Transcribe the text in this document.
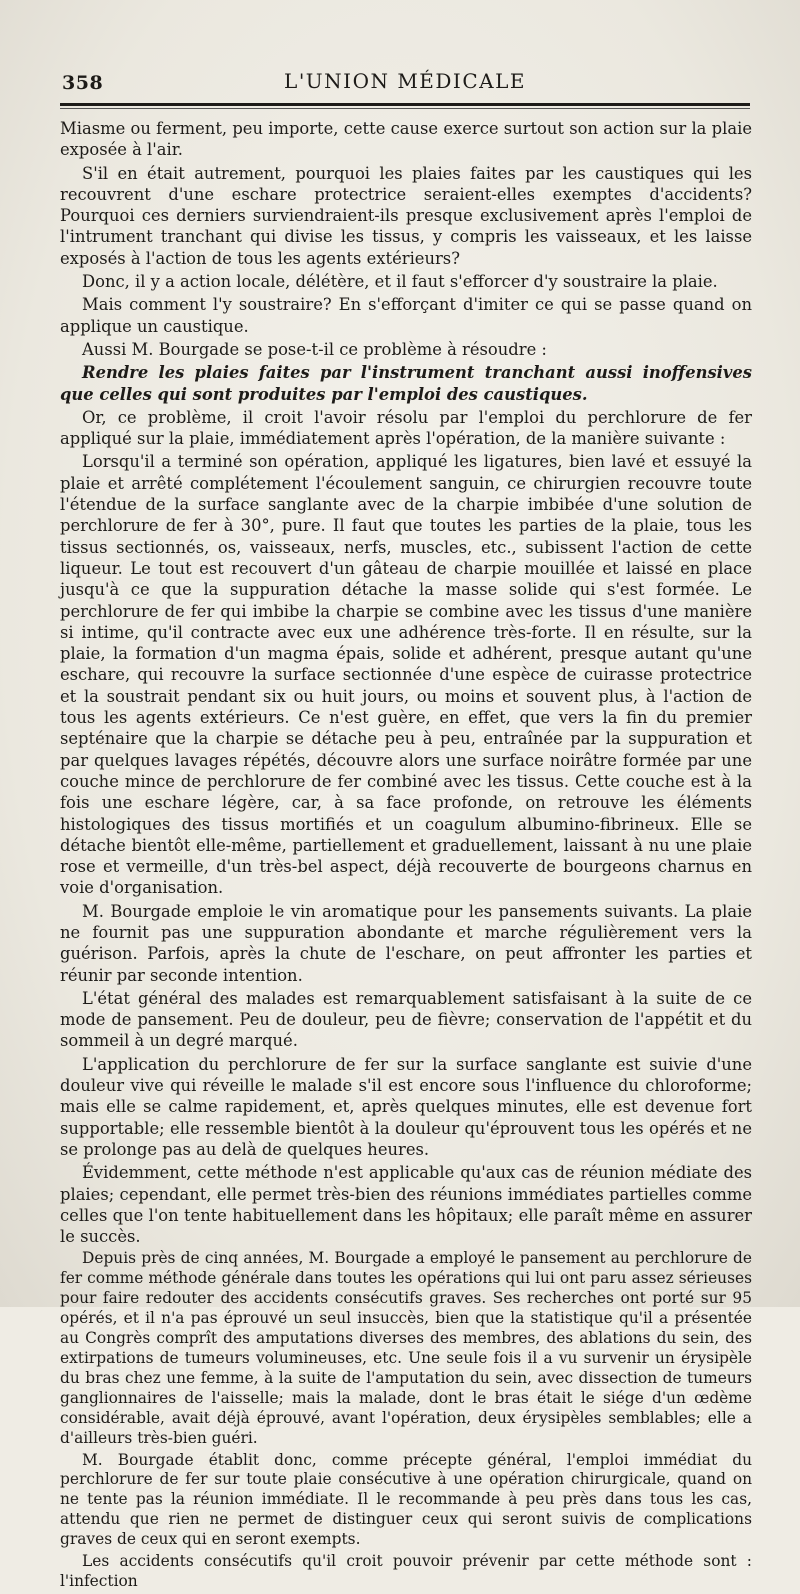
358	L'UNION MÉDICALE

Miasme ou ferment, peu importe, cette cause exerce surtout son action sur la plaie exposée à l'air.

S'il en était autrement, pourquoi les plaies faites par les caustiques qui les recouvrent d'une eschare protectrice seraient-elles exemptes d'accidents? Pourquoi ces derniers surviendraient-ils presque exclusivement après l'emploi de l'intrument tranchant qui divise les tissus, y compris les vaisseaux, et les laisse exposés à l'action de tous les agents extérieurs?

Donc, il y a action locale, délétère, et il faut s'efforcer d'y soustraire la plaie.

Mais comment l'y soustraire? En s'efforçant d'imiter ce qui se passe quand on applique un caustique.

Aussi M. Bourgade se pose-t-il ce problème à résoudre :

Rendre les plaies faites par l'instrument tranchant aussi inoffensives que celles qui sont produites par l'emploi des caustiques.

Or, ce problème, il croit l'avoir résolu par l'emploi du perchlorure de fer appliqué sur la plaie, immédiatement après l'opération, de la manière suivante :

Lorsqu'il a terminé son opération, appliqué les ligatures, bien lavé et essuyé la plaie et arrêté complétement l'écoulement sanguin, ce chirurgien recouvre toute l'étendue de la surface sanglante avec de la charpie imbibée d'une solution de perchlorure de fer à 30°, pure. Il faut que toutes les parties de la plaie, tous les tissus sectionnés, os, vaisseaux, nerfs, muscles, etc., subissent l'action de cette liqueur. Le tout est recouvert d'un gâteau de charpie mouillée et laissé en place jusqu'à ce que la suppuration détache la masse solide qui s'est formée. Le perchlorure de fer qui imbibe la charpie se combine avec les tissus d'une manière si intime, qu'il contracte avec eux une adhérence très-forte. Il en résulte, sur la plaie, la formation d'un magma épais, solide et adhérent, presque autant qu'une eschare, qui recouvre la surface sectionnée d'une espèce de cuirasse protectrice et la soustrait pendant six ou huit jours, ou moins et souvent plus, à l'action de tous les agents extérieurs. Ce n'est guère, en effet, que vers la fin du premier septénaire que la charpie se détache peu à peu, entraînée par la suppuration et par quelques lavages répétés, découvre alors une surface noirâtre formée par une couche mince de perchlorure de fer combiné avec les tissus. Cette couche est à la fois une eschare légère, car, à sa face profonde, on retrouve les éléments histologiques des tissus mortifiés et un coagulum albumino-fibrineux. Elle se détache bientôt elle-même, partiellement et graduellement, laissant à nu une plaie rose et vermeille, d'un très-bel aspect, déjà recouverte de bourgeons charnus en voie d'organisation.

M. Bourgade emploie le vin aromatique pour les pansements suivants. La plaie ne fournit pas une suppuration abondante et marche régulièrement vers la guérison. Parfois, après la chute de l'eschare, on peut affronter les parties et réunir par seconde intention.

L'état général des malades est remarquablement satisfaisant à la suite de ce mode de pansement. Peu de douleur, peu de fièvre; conservation de l'appétit et du sommeil à un degré marqué.

L'application du perchlorure de fer sur la surface sanglante est suivie d'une douleur vive qui réveille le malade s'il est encore sous l'influence du chloroforme; mais elle se calme rapidement, et, après quelques minutes, elle est devenue fort supportable; elle ressemble bientôt à la douleur qu'éprouvent tous les opérés et ne se prolonge pas au delà de quelques heures.

Évidemment, cette méthode n'est applicable qu'aux cas de réunion médiate des plaies; cependant, elle permet très-bien des réunions immédiates partielles comme celles que l'on tente habituellement dans les hôpitaux; elle paraît même en assurer le succès.

Depuis près de cinq années, M. Bourgade a employé le pansement au perchlorure de fer comme méthode générale dans toutes les opérations qui lui ont paru assez sérieuses pour faire redouter des accidents consécutifs graves. Ses recherches ont porté sur 95 opérés, et il n'a pas éprouvé un seul insuccès, bien que la statistique qu'il a présentée au Congrès comprît des amputations diverses des membres, des ablations du sein, des extirpations de tumeurs volumineuses, etc. Une seule fois il a vu survenir un érysipèle du bras chez une femme, à la suite de l'amputation du sein, avec dissection de tumeurs ganglionnaires de l'aisselle; mais la malade, dont le bras était le siége d'un œdème considérable, avait déjà éprouvé, avant l'opération, deux érysipèles semblables; elle a d'ailleurs très-bien guéri.

M. Bourgade établit donc, comme précepte général, l'emploi immédiat du perchlorure de fer sur toute plaie consécutive à une opération chirurgicale, quand on ne tente pas la réunion immédiate. Il le recommande à peu près dans tous les cas, attendu que rien ne permet de distinguer ceux qui seront suivis de complications graves de ceux qui en seront exempts.

Les accidents consécutifs qu'il croit pouvoir prévenir par cette méthode sont : l'infection
